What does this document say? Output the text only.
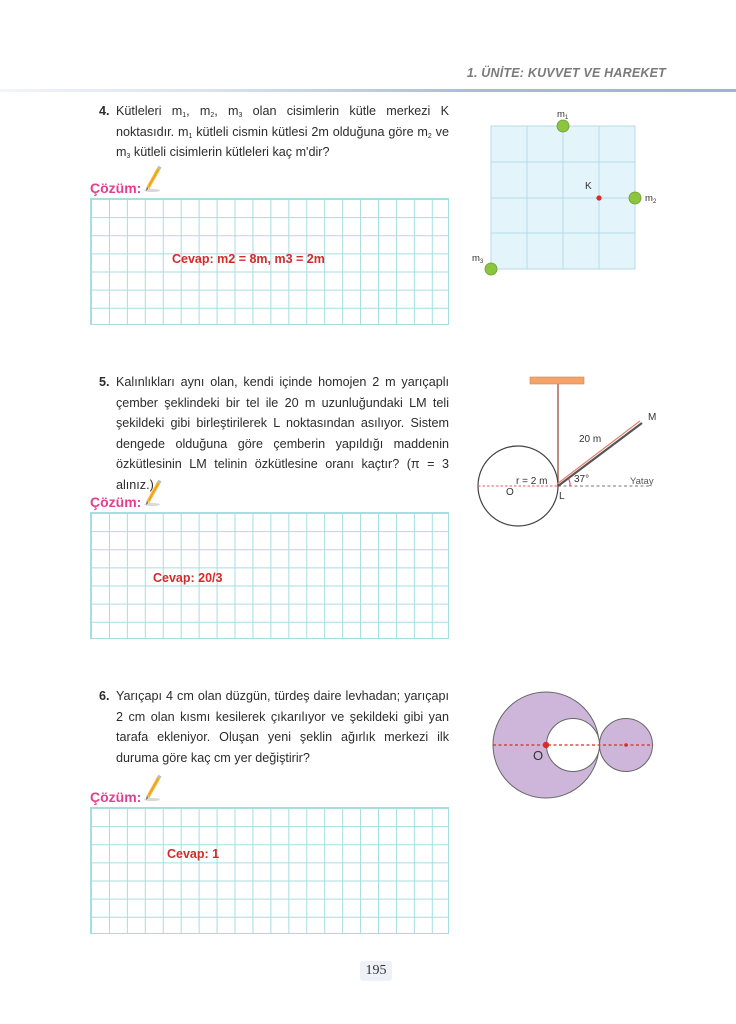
1. ÜNİTE: KUVVET VE HAREKET
4. Kütleleri $m_1$, $m_2$, $m_3$ olan cisimlerin kütle merkezi K noktasıdır. $m_1$ kütleli cismin kütlesi 2m olduğuna göre $m_2$ ve $m_3$ kütleli cisimlerin kütleleri kaç m'dir?
Çözüm:
Cevap: m2 = 8m, m3 = 2m
m 1
m 2
m 3
K
5. Kalınlıkları aynı olan, kendi içinde homojen 2 m yarıçaplı çember şeklindeki bir tel ile 20 m uzunluğundaki LM teli şekildeki gibi birleştirilerek L noktasından asılıyor. Sistem dengede olduğuna göre çemberin yapıldığı maddenin özkütlesinin LM telinin özkütlesine oranı kaçtır? (π = 3 alınız.)
Çözüm:
Cevap: 20/3
M
20 m
r = 2 m	37°	Yatay
O	L
6. Yarıçapı 4 cm olan düzgün, türdeş daire levhadan; yarıçapı 2 cm olan kısmı kesilerek çıkarılıyor ve şekildeki gibi yan tarafa ekleniyor. Oluşan yeni şeklin ağırlık merkezi ilk duruma göre kaç cm yer değiştirir?
Çözüm:
Cevap: 1
O
195
